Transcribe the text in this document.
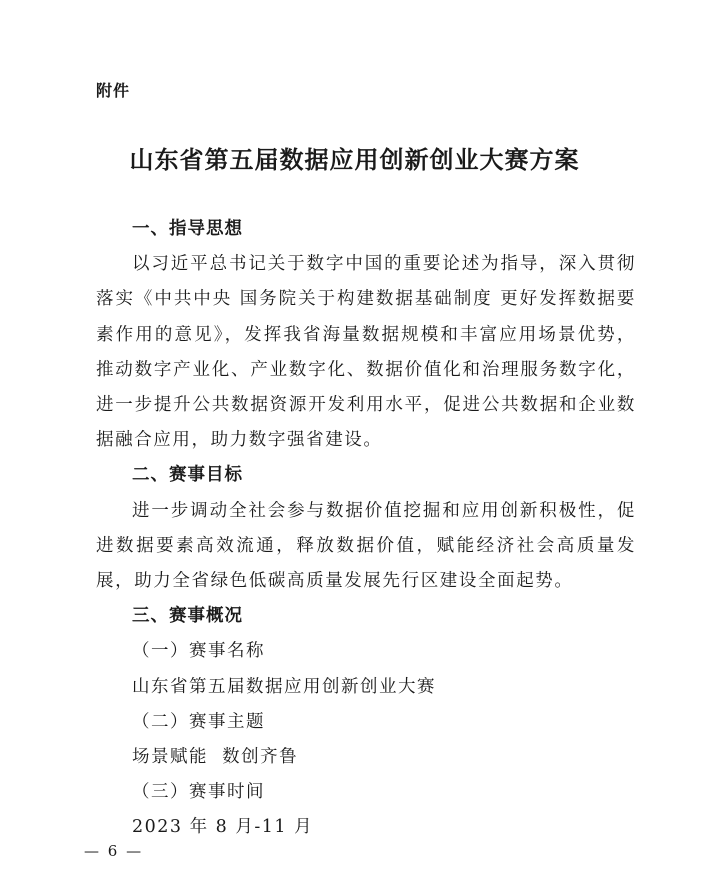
附件
山东省第五届数据应用创新创业大赛方案
一、指导思想
以习近平总书记关于数字中国的重要论述为指导，深入贯彻落实《中共中央 国务院关于构建数据基础制度 更好发挥数据要素作用的意见》，发挥我省海量数据规模和丰富应用场景优势，推动数字产业化、产业数字化、数据价值化和治理服务数字化，进一步提升公共数据资源开发利用水平，促进公共数据和企业数据融合应用，助力数字强省建设。
二、赛事目标
进一步调动全社会参与数据价值挖掘和应用创新积极性，促进数据要素高效流通，释放数据价值，赋能经济社会高质量发展，助力全省绿色低碳高质量发展先行区建设全面起势。
三、赛事概况
（一）赛事名称
山东省第五届数据应用创新创业大赛
（二）赛事主题
场景赋能  数创齐鲁
（三）赛事时间
2023 年 8 月-11 月
— 6 —
